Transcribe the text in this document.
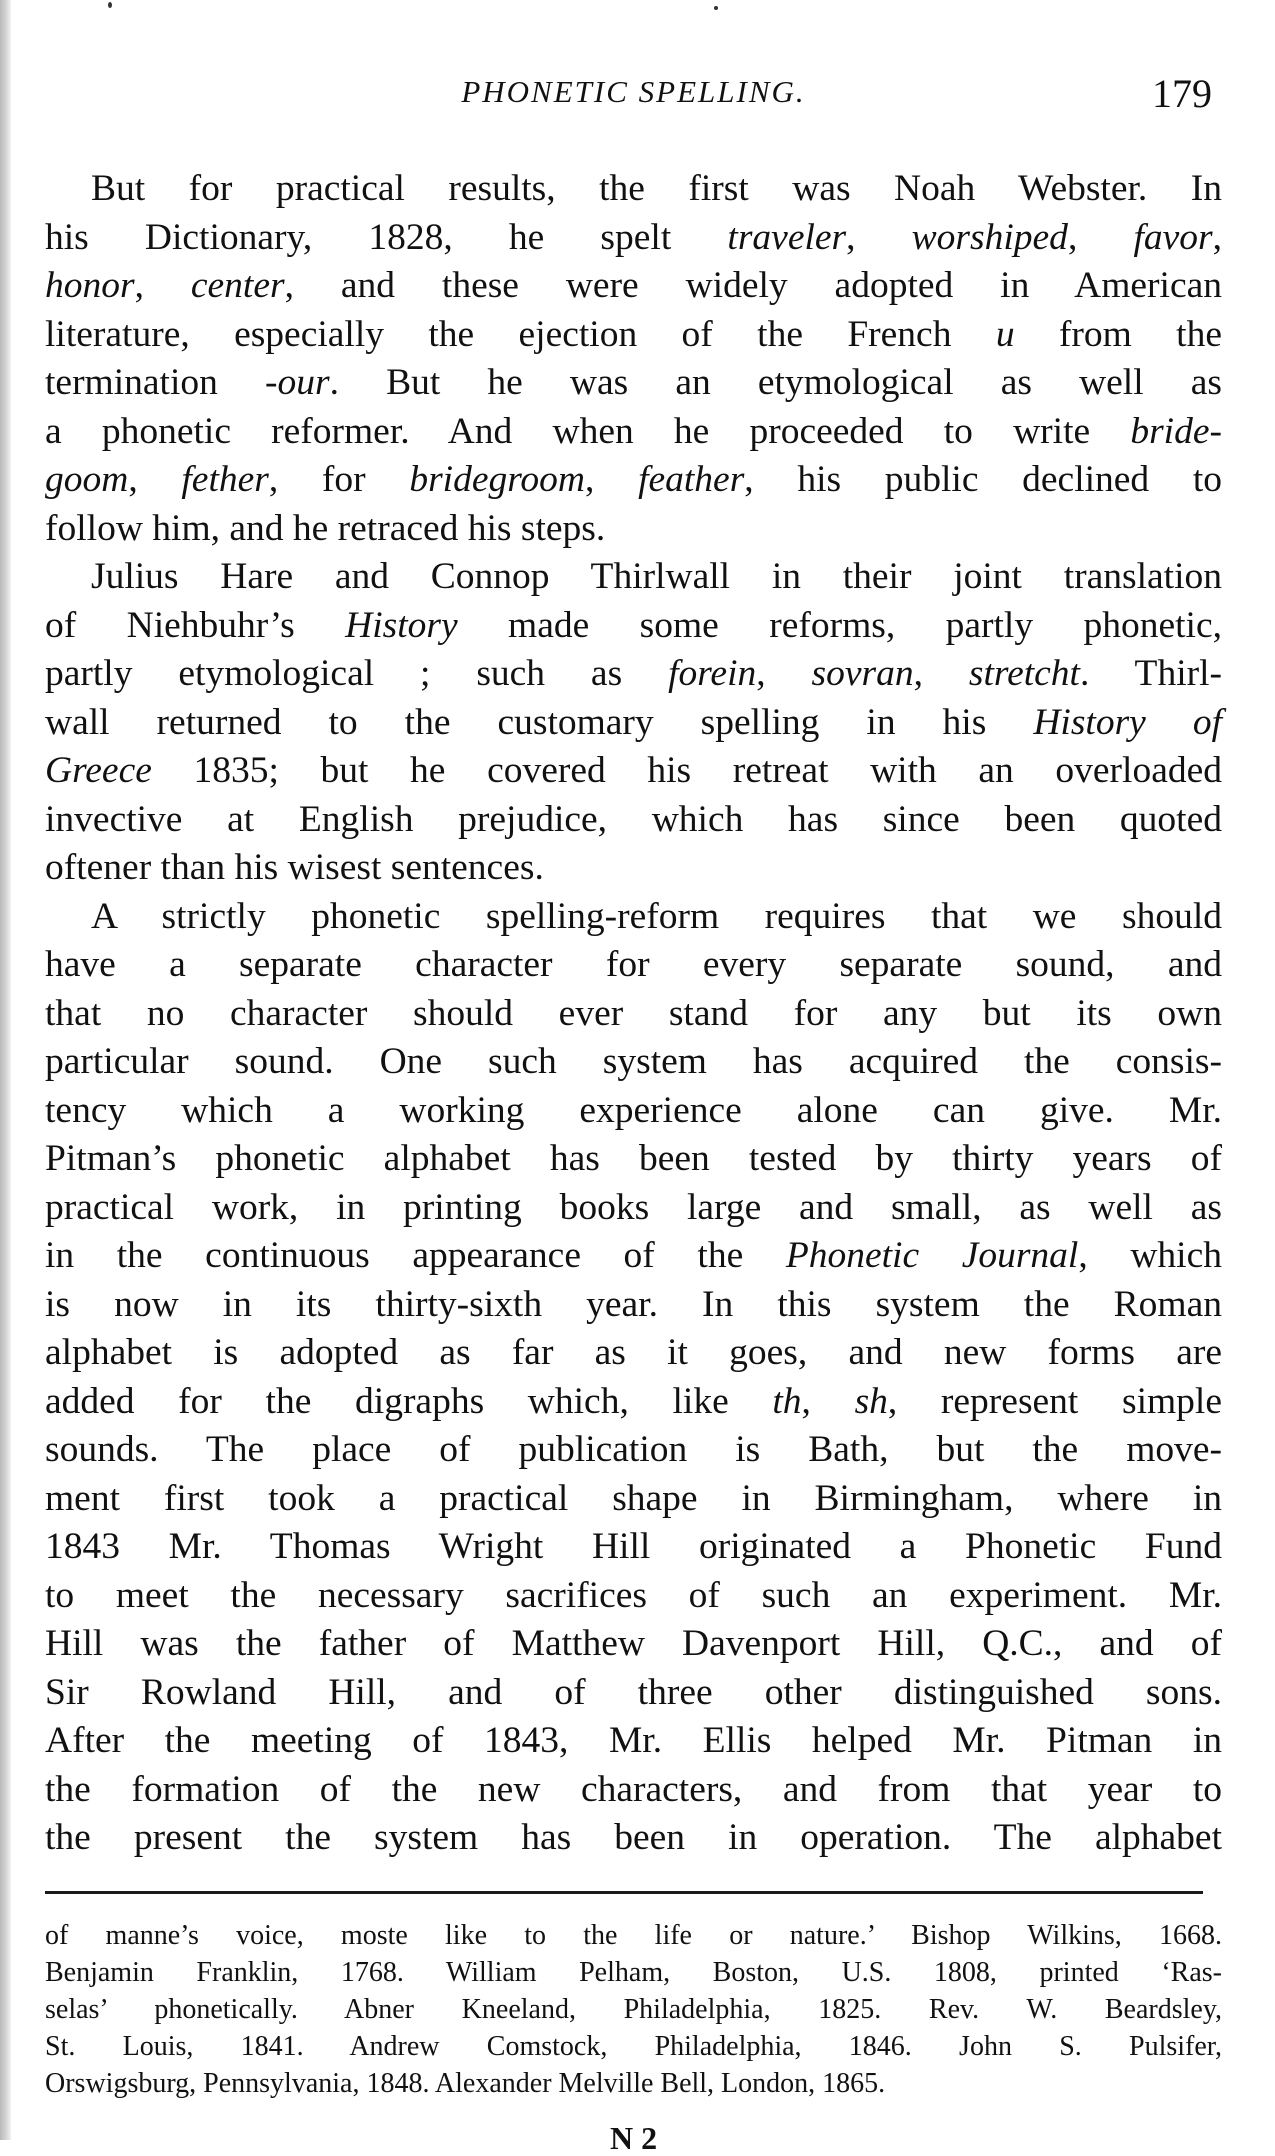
PHONETIC SPELLING.	179
But for practical results, the first was Noah Webster. In
his Dictionary, 1828, he spelt traveler, worshiped, favor,
honor, center, and these were widely adopted in American
literature, especially the ejection of the French u from the
termination -our. But he was an etymological as well as
a phonetic reformer. And when he proceeded to write bride-
goom, fether, for bridegroom, feather, his public declined to
follow him, and he retraced his steps.
Julius Hare and Connop Thirlwall in their joint translation
of Niehbuhr’s History made some reforms, partly phonetic,
partly etymological ; such as forein, sovran, stretcht. Thirl-
wall returned to the customary spelling in his History of
Greece 1835; but he covered his retreat with an overloaded
invective at English prejudice, which has since been quoted
oftener than his wisest sentences.
A strictly phonetic spelling-reform requires that we should
have a separate character for every separate sound, and
that no character should ever stand for any but its own
particular sound. One such system has acquired the consis-
tency which a working experience alone can give. Mr.
Pitman’s phonetic alphabet has been tested by thirty years of
practical work, in printing books large and small, as well as
in the continuous appearance of the Phonetic Journal, which
is now in its thirty-sixth year. In this system the Roman
alphabet is adopted as far as it goes, and new forms are
added for the digraphs which, like th, sh, represent simple
sounds. The place of publication is Bath, but the move-
ment first took a practical shape in Birmingham, where in
1843 Mr. Thomas Wright Hill originated a Phonetic Fund
to meet the necessary sacrifices of such an experiment. Mr.
Hill was the father of Matthew Davenport Hill, Q.C., and of
Sir Rowland Hill, and of three other distinguished sons.
After the meeting of 1843, Mr. Ellis helped Mr. Pitman in
the formation of the new characters, and from that year to
the present the system has been in operation. The alphabet
of manne’s voice, moste like to the life or nature.’ Bishop Wilkins, 1668.
Benjamin Franklin, 1768. William Pelham, Boston, U.S. 1808, printed ‘Ras-
selas’ phonetically. Abner Kneeland, Philadelphia, 1825. Rev. W. Beardsley,
St. Louis, 1841. Andrew Comstock, Philadelphia, 1846. John S. Pulsifer,
Orswigsburg, Pennsylvania, 1848. Alexander Melville Bell, London, 1865.
N 2
